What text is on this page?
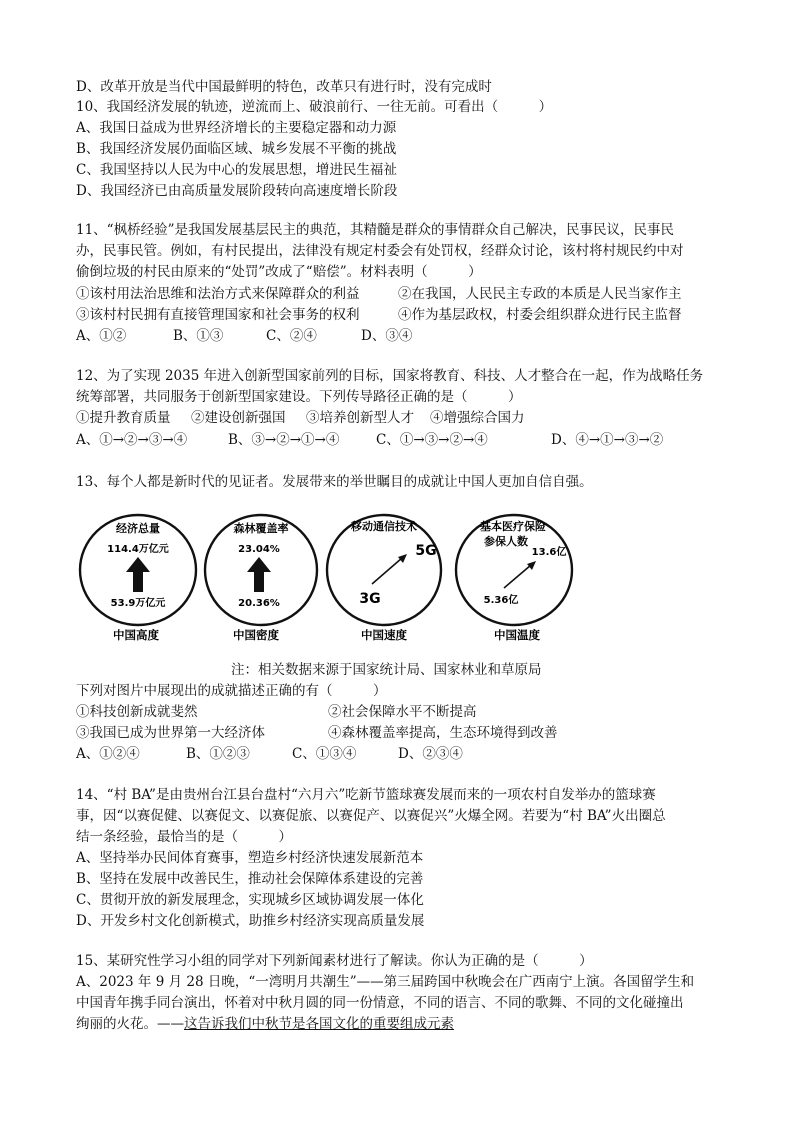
D、改革开放是当代中国最鲜明的特色，改革只有进行时，没有完成时
10、我国经济发展的轨迹，逆流而上、破浪前行、一往无前。可看出（　　　）
A、我国日益成为世界经济增长的主要稳定器和动力源
B、我国经济发展仍面临区域、城乡发展不平衡的挑战
C、我国坚持以人民为中心的发展思想，增进民生福祉
D、我国经济已由高质量发展阶段转向高速度增长阶段
11、“枫桥经验”是我国发展基层民主的典范，其精髓是群众的事情群众自己解决，民事民议，民事民
办，民事民管。例如，有村民提出，法律没有规定村委会有处罚权，经群众讨论，该村将村规民约中对
偷倒垃圾的村民由原来的“处罚”改成了“赔偿”。材料表明（　　　）
①该村用法治思维和法治方式来保障群众的利益	②在我国，人民民主专政的本质是人民当家作主
③该村村民拥有直接管理国家和社会事务的权利	④作为基层政权，村委会组织群众进行民主监督
A、①②	B、①③	C、②④	D、③④
12、为了实现 2035 年进入创新型国家前列的目标，国家将教育、科技、人才整合在一起，作为战略任务
统筹部署，共同服务于创新型国家建设。下列传导路径正确的是（　　　）
①提升教育质量 ②建设创新强国 ③培养创新型人才 ④增强综合国力
A、①→②→③→④	B、③→②→①→④	C、①→③→②→④	D、④→①→③→②
13、每个人都是新时代的见证者。发展带来的举世瞩目的成就让中国人更加自信自强。
经济总量
114.4万亿元
53.9万亿元
中国高度
森林覆盖率
23.04%
20.36%
中国密度
移动通信技术
5G
3G
中国速度
基本医疗保险
参保人数
13.6亿
5.36亿
中国温度
注：相关数据来源于国家统计局、国家林业和草原局
下列对图片中展现出的成就描述正确的有（　　　）
①科技创新成就斐然	②社会保障水平不断提高
③我国已成为世界第一大经济体	④森林覆盖率提高，生态环境得到改善
A、①②④	B、①②③	C、①③④	D、②③④
14、“村 BA”是由贵州台江县台盘村“六月六”吃新节篮球赛发展而来的一项农村自发举办的篮球赛
事，因“以赛促健、以赛促文、以赛促旅、以赛促产、以赛促兴”火爆全网。若要为“村 BA”火出圈总
结一条经验，最恰当的是（　　　）
A、坚持举办民间体育赛事，塑造乡村经济快速发展新范本
B、坚持在发展中改善民生，推动社会保障体系建设的完善
C、贯彻开放的新发展理念，实现城乡区域协调发展一体化
D、开发乡村文化创新模式，助推乡村经济实现高质量发展
15、某研究性学习小组的同学对下列新闻素材进行了解读。你认为正确的是（　　　）
A、2023 年 9 月 28 日晚，“一湾明月共潮生”——第三届跨国中秋晚会在广西南宁上演。各国留学生和
中国青年携手同台演出，怀着对中秋月圆的同一份情意，不同的语言、不同的歌舞、不同的文化碰撞出
绚丽的火花。——这告诉我们中秋节是各国文化的重要组成元素
